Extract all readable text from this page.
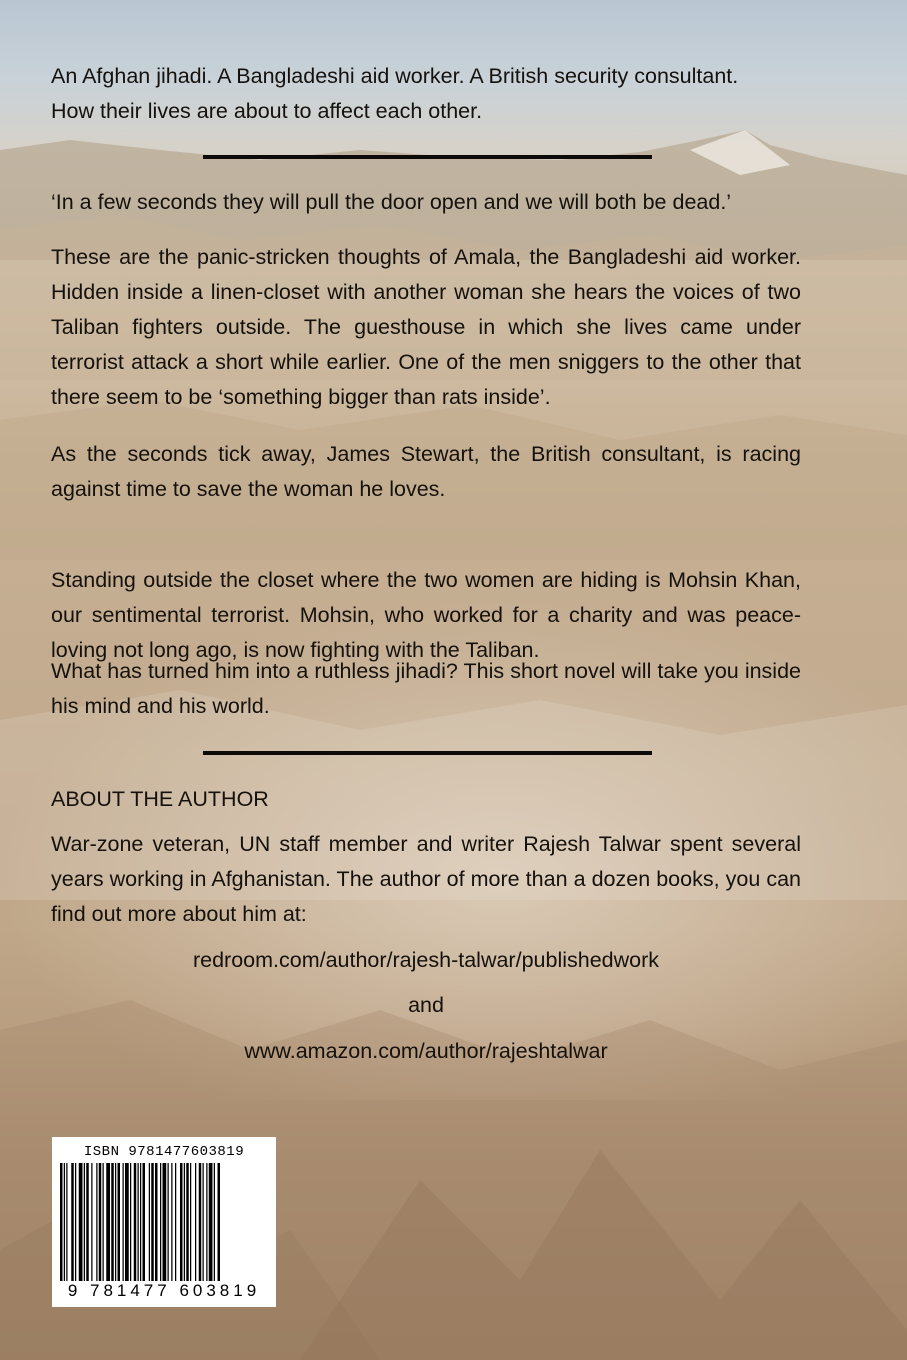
An Afghan jihadi. A Bangladeshi aid worker. A British security consultant.

How their lives are about to affect each other.

‘In a few seconds they will pull the door open and we will both be dead.’

These are the panic-stricken thoughts of Amala, the Bangladeshi aid worker. Hidden inside a linen-closet with another woman she hears the voices of two Taliban fighters outside. The guesthouse in which she lives came under terrorist attack a short while earlier. One of the men sniggers to the other that there seem to be ‘something bigger than rats inside’.

As the seconds tick away, James Stewart, the British consultant, is racing against time to save the woman he loves.

Standing outside the closet where the two women are hiding is Mohsin Khan, our sentimental terrorist. Mohsin, who worked for a charity and was peace-loving not long ago, is now fighting with the Taliban.

What has turned him into a ruthless jihadi? This short novel will take you inside his mind and his world.

ABOUT THE AUTHOR

War-zone veteran, UN staff member and writer Rajesh Talwar spent several years working in Afghanistan. The author of more than a dozen books, you can find out more about him at:

redroom.com/author/rajesh-talwar/publishedwork

and

www.amazon.com/author/rajeshtalwar

ISBN 9781477603819
9 781477 603819
